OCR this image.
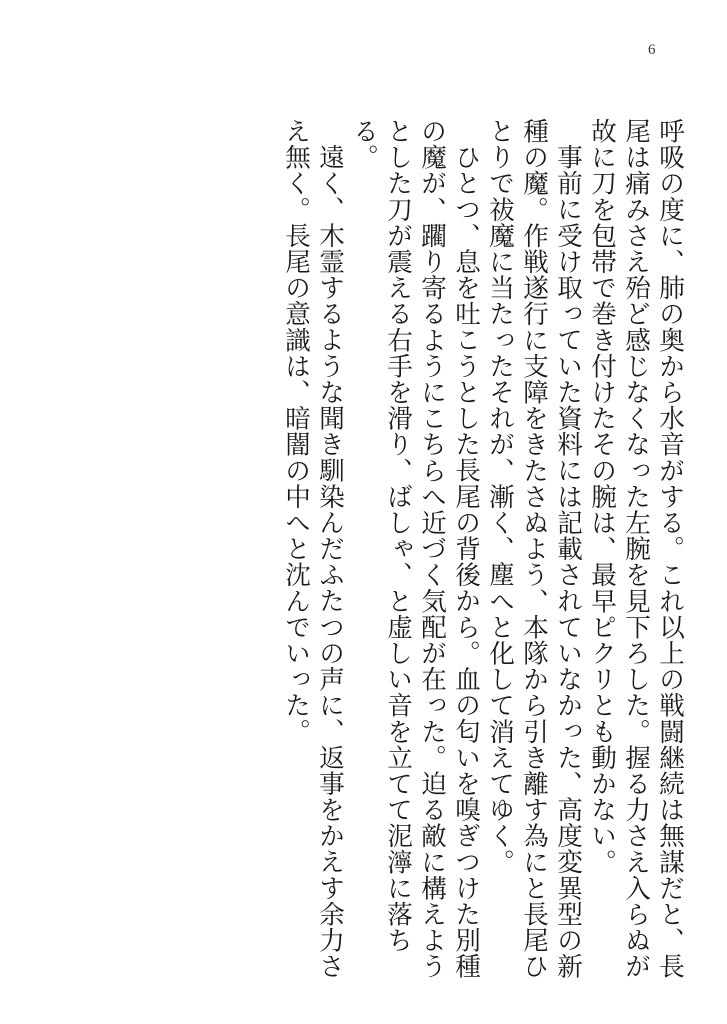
6

呼吸の度に、肺の奥から水音がする。これ以上の戦闘継続は無謀だと、長尾は痛みさえ殆ど感じなくなった左腕を見下ろした。握る力さえ入らぬが故に刀を包帯で巻き付けたその腕は、最早ピクリとも動かない。

事前に受け取っていた資料には記載されていなかった、高度変異型の新種の魔。作戦遂行に支障をきたさぬよう、本隊から引き離す為にと長尾ひとりで祓魔に当たったそれが、漸く、塵へと化して消えてゆく。

ひとつ、息を吐こうとした長尾の背後から。血の匂いを嗅ぎつけた別種の魔が、躙り寄るようにこちらへ近づく気配が在った。迫る敵に構えようとした刀が震える右手を滑り、ばしゃ、と虚しい音を立てて泥濘に落ちる。

遠く、木霊するような聞き馴染んだふたつの声に、返事をかえす余力さえ無く。長尾の意識は、暗闇の中へと沈んでいった。
